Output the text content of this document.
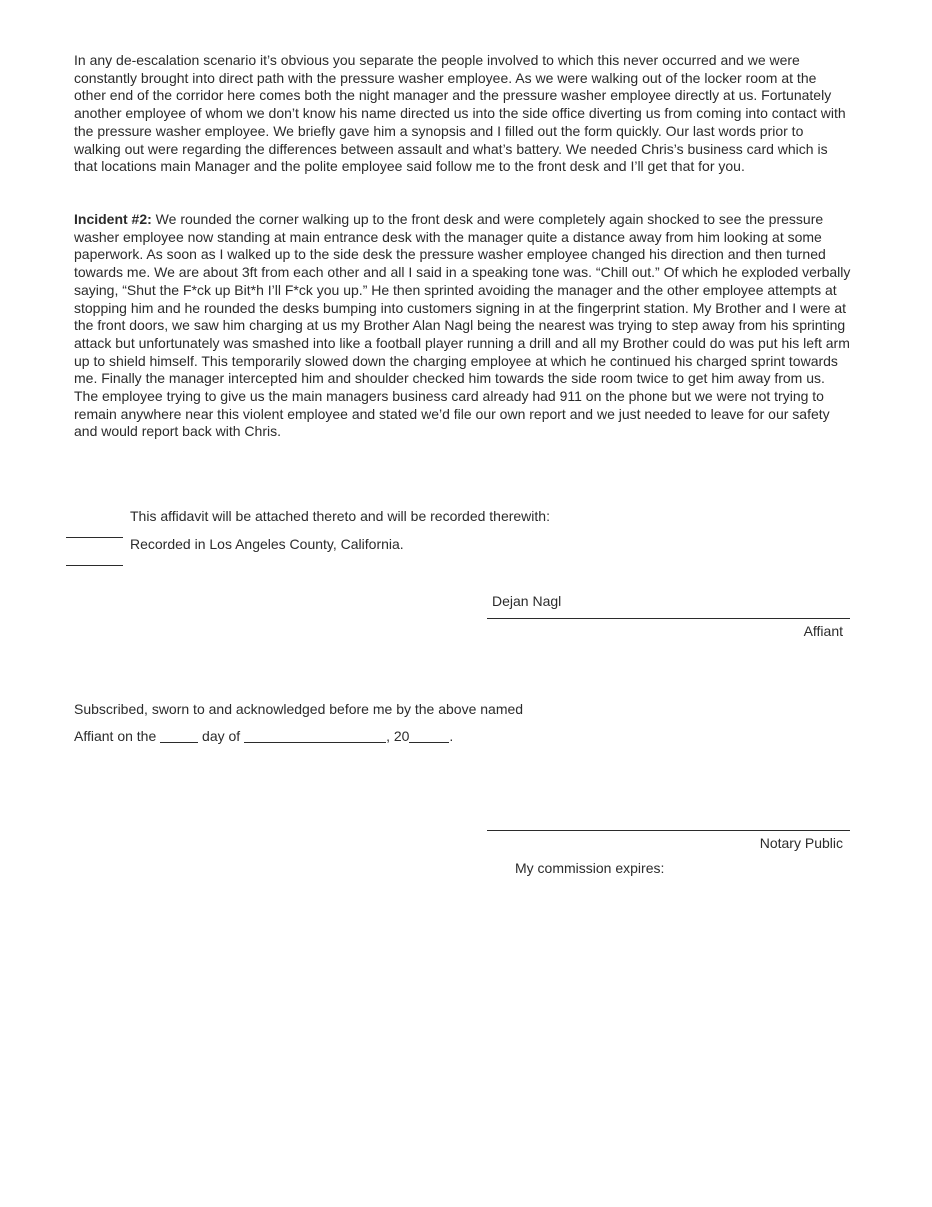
In any de-escalation scenario it’s obvious you separate the people involved to which this never occurred and we were constantly brought into direct path with the pressure washer employee. As we were walking out of the locker room at the other end of the corridor here comes both the night manager and the pressure washer employee directly at us. Fortunately another employee of whom we don’t know his name directed us into the side office diverting us from coming into contact with the pressure washer employee. We briefly gave him a synopsis and I filled out the form quickly. Our last words prior to walking out were regarding the differences between assault and what’s battery. We needed Chris’s business card which is that locations main Manager and the polite employee said follow me to the front desk and I’ll get that for you.

Incident #2: We rounded the corner walking up to the front desk and were completely again shocked to see the pressure washer employee now standing at main entrance desk with the manager quite a distance away from him looking at some paperwork. As soon as I walked up to the side desk the pressure washer employee changed his direction and then turned towards me. We are about 3ft from each other and all I said in a speaking tone was. “Chill out.” Of which he exploded verbally saying, “Shut the F*ck up Bit*h I’ll F*ck you up.” He then sprinted avoiding the manager and the other employee attempts at stopping him and he rounded the desks bumping into customers signing in at the fingerprint station. My Brother and I were at the front doors, we saw him charging at us my Brother Alan Nagl being the nearest was trying to step away from his sprinting attack but unfortunately was smashed into like a football player running a drill and all my Brother could do was put his left arm up to shield himself. This temporarily slowed down the charging employee at which he continued his charged sprint towards me. Finally the manager intercepted him and shoulder checked him towards the side room twice to get him away from us. The employee trying to give us the main managers business card already had 911 on the phone but we were not trying to remain anywhere near this violent employee and stated we’d file our own report and we just needed to leave for our safety and would report back with Chris.

This affidavit will be attached thereto and will be recorded therewith:

Recorded in Los Angeles County, California.

Dejan Nagl

Affiant

Subscribed, sworn to and acknowledged before me by the above named

Affiant on the	day of	, 20	.

Notary Public

My commission expires:
